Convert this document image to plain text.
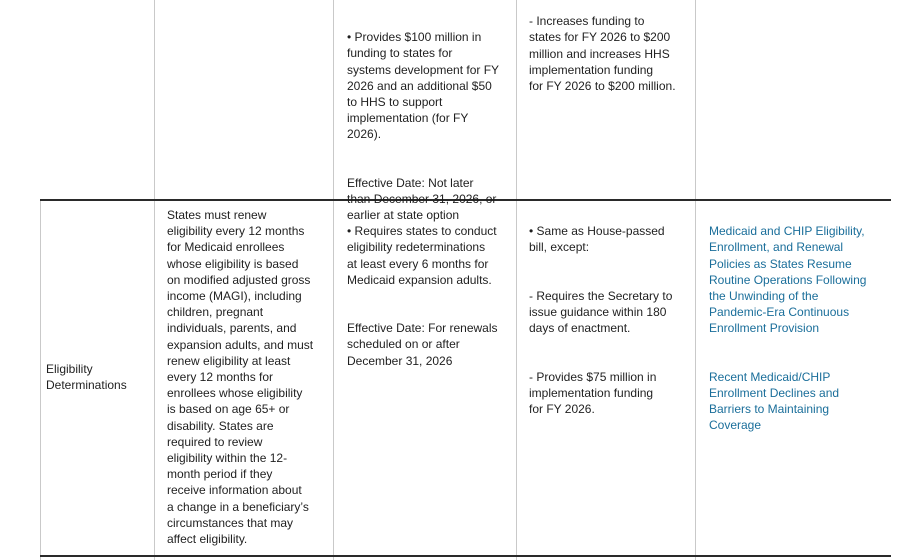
• Provides $100 million in
funding to states for
systems development for FY
2026 and an additional $50
to HHS to support
implementation (for FY
2026).

Effective Date: Not later
than December 31, 2026, or
earlier at state option

- Increases funding to
states for FY 2026 to $200
million and increases HHS
implementation funding
for FY 2026 to $200 million.

Eligibility
Determinations
States must renew
eligibility every 12 months
for Medicaid enrollees
whose eligibility is based
on modified adjusted gross
income (MAGI), including
children, pregnant
individuals, parents, and
expansion adults, and must
renew eligibility at least
every 12 months for
enrollees whose eligibility
is based on age 65+ or
disability. States are
required to review
eligibility within the 12-
month period if they
receive information about
a change in a beneficiary’s
circumstances that may
affect eligibility.

• Requires states to conduct
eligibility redeterminations
at least every 6 months for
Medicaid expansion adults.

Effective Date: For renewals
scheduled on or after
December 31, 2026

• Same as House-passed
bill, except:

- Requires the Secretary to
issue guidance within 180
days of enactment.

- Provides $75 million in
implementation funding
for FY 2026.

Medicaid and CHIP Eligibility,
Enrollment, and Renewal
Policies as States Resume
Routine Operations Following
the Unwinding of the
Pandemic-Era Continuous
Enrollment Provision

Recent Medicaid/CHIP
Enrollment Declines and
Barriers to Maintaining
Coverage
